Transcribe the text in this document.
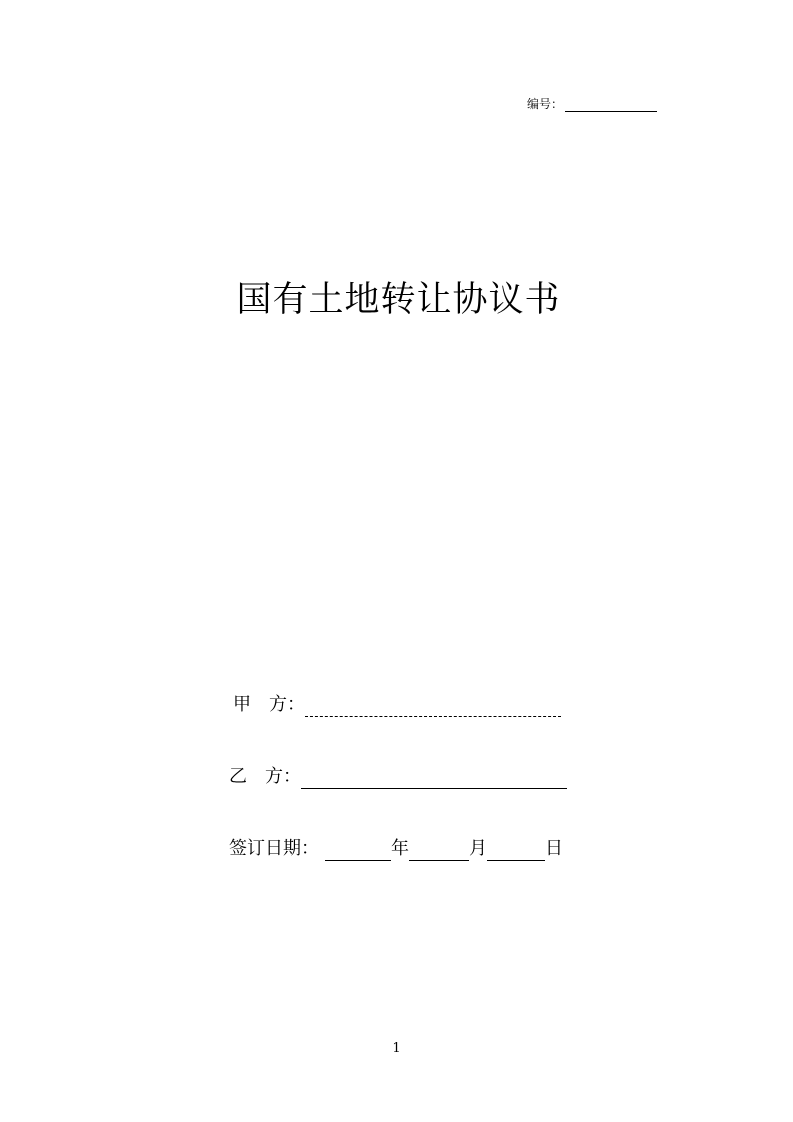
编号：
国有土地转让协议书
甲 方：
乙 方：
签订日期：	年	月	日
1
